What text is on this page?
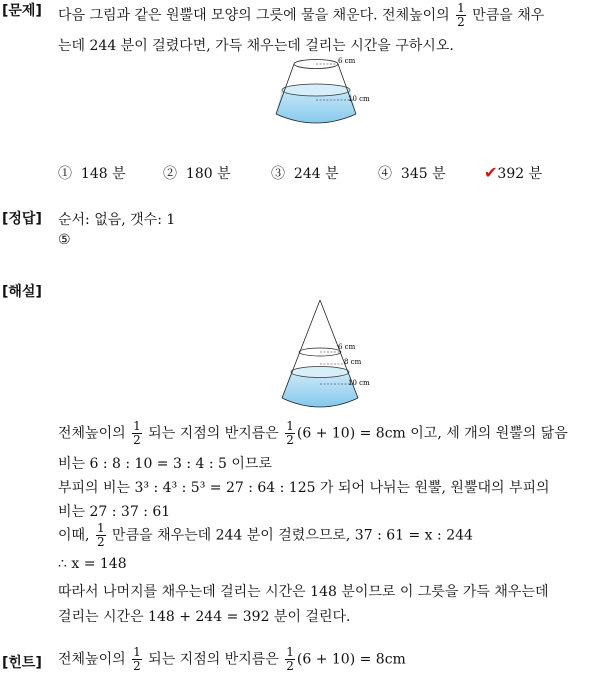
[문제] 다음 그림과 같은 원뿔대 모양의 그릇에 물을 채운다. 전체높이의 $\frac{1}{2}$ 만큼을 채우
는데 244 분이 걸렸다면, 가득 채우는데 걸리는 시간을 구하시오.
6 cm
10 cm
① 148 분	② 180 분	③ 244 분	④ 345 분 ✔392 분
[정답] 순서: 없음, 갯수: 1
⑤
[해설]
6 cm
8 cm
10 cm
전체높이의 $\frac{1}{2}$ 되는 지점의 반지름은 $\frac{1}{2} (6 + 10) = 8cm$ 이고, 세 개의 원뿔의 닮음
비는 6 : 8 : 10 = 3 : 4 : 5 이므로
부피의 비는 3³ : 4³ : 5³ = 27 : 64 : 125 가 되어 나뉘는 원뿔, 원뿔대의 부피의
비는 27 : 37 : 61
이때, $\frac{1}{2}$ 만큼을 채우는데 244 분이 걸렸으므로, 37 : 61 = x : 244
∴ x = 148
따라서 나머지를 채우는데 걸리는 시간은 148 분이므로 이 그릇을 가득 채우는데
걸리는 시간은 148 + 244 = 392 분이 걸린다.
[힌트] 전체높이의 $\frac{1}{2}$ 되는 지점의 반지름은 $\frac{1}{2} (6 + 10) = 8cm$
